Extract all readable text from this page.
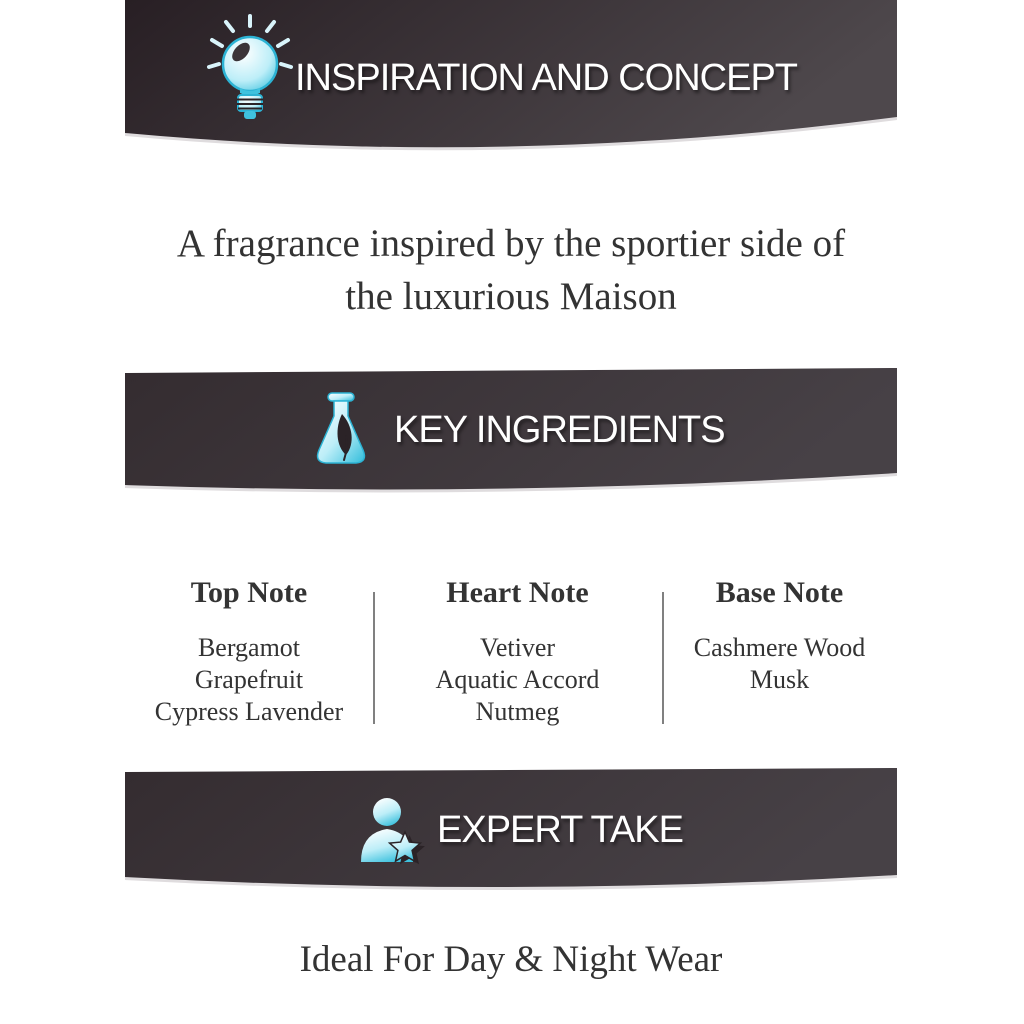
INSPIRATION AND CONCEPT
A fragrance inspired by the sportier side of
the luxurious Maison
KEY INGREDIENTS
Top Note
Bergamot
Grapefruit
Cypress Lavender
Heart Note
Vetiver
Aquatic Accord
Nutmeg
Base Note
Cashmere Wood
Musk
EXPERT TAKE
Ideal For Day & Night Wear
